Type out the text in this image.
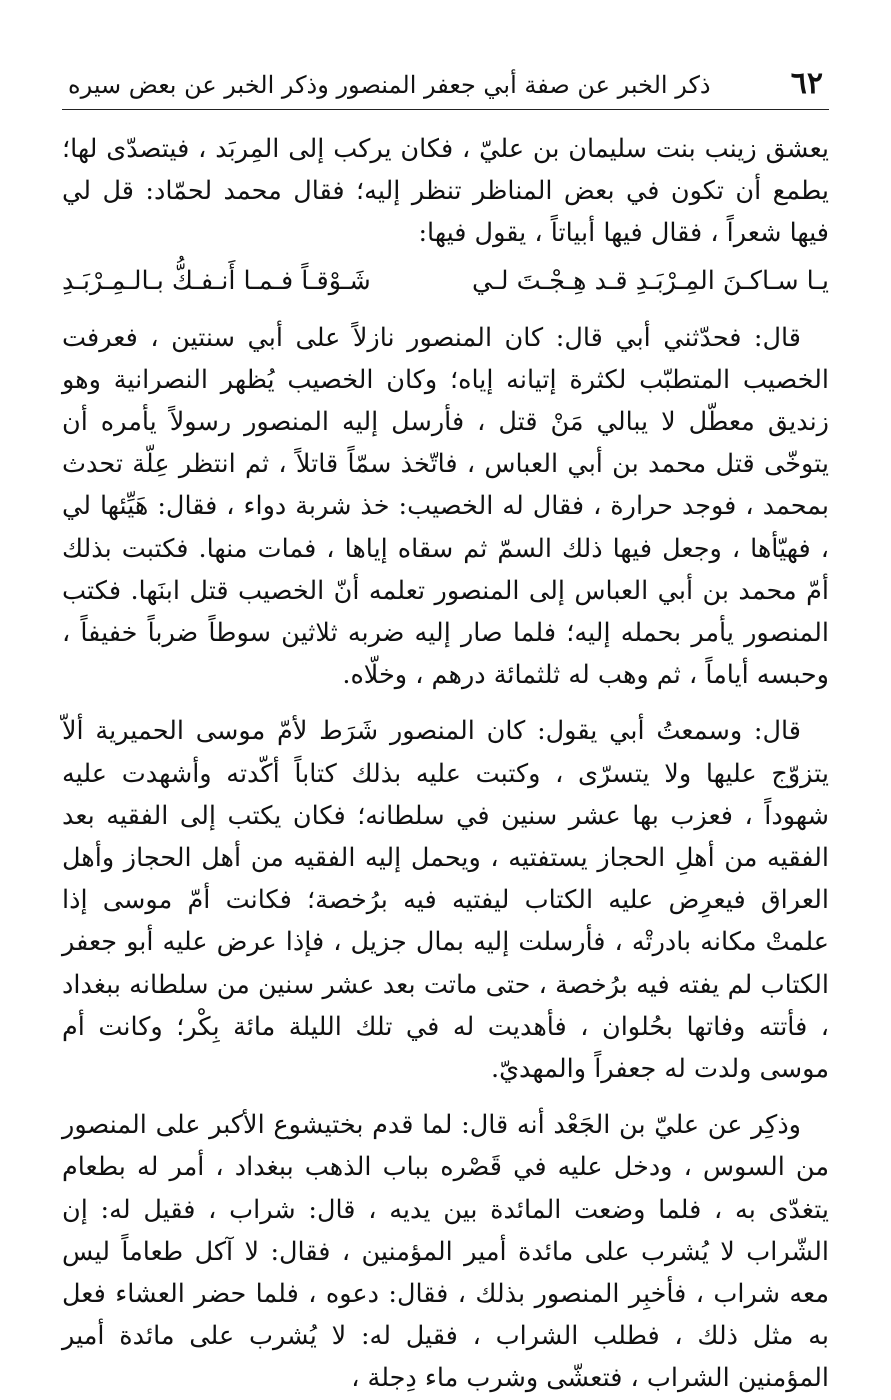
٦٢
ذكر الخبر عن صفة أبي جعفر المنصور وذكر الخبر عن بعض سيره

يعشق زينب بنت سليمان بن عليّ ، فكان يركب إلى المِربَد ، فيتصدّى لها؛ يطمع أن تكون في بعض المناظر تنظر إليه؛ فقال محمد لحمّاد: قل لي فيها شعراً ، فقال فيها أبياتاً ، يقول فيها:

يـا سـاكـنَ المِـرْبَـدِ قـد هِـجْـتَ لـي
شَـوْقـاً فـمـا أَنـفـكُّ بـالـمِـرْبَـدِ

قال: فحدّثني أبي قال: كان المنصور نازلاً على أبي سنتين ، فعرفت الخصيب المتطبّب لكثرة إتيانه إياه؛ وكان الخصيب يُظهر النصرانية وهو زنديق معطّل لا يبالي مَنْ قتل ، فأرسل إليه المنصور رسولاً يأمره أن يتوخّى قتل محمد بن أبي العباس ، فاتّخذ سمّاً قاتلاً ، ثم انتظر عِلّة تحدث بمحمد ، فوجد حرارة ، فقال له الخصيب: خذ شربة دواء ، فقال: هَيِّئها لي ، فهيّأها ، وجعل فيها ذلك السمّ ثم سقاه إياها ، فمات منها. فكتبت بذلك أمّ محمد بن أبي العباس إلى المنصور تعلمه أنّ الخصيب قتل ابنَها. فكتب المنصور يأمر بحمله إليه؛ فلما صار إليه ضربه ثلاثين سوطاً ضرباً خفيفاً ، وحبسه أياماً ، ثم وهب له ثلثمائة درهم ، وخلّاه.

قال: وسمعتُ أبي يقول: كان المنصور شَرَط لأمّ موسى الحميرية ألاّ يتزوّج عليها ولا يتسرّى ، وكتبت عليه بذلك كتاباً أكّدته وأشهدت عليه شهوداً ، فعزب بها عشر سنين في سلطانه؛ فكان يكتب إلى الفقيه بعد الفقيه من أهلِ الحجاز يستفتيه ، ويحمل إليه الفقيه من أهل الحجاز وأهل العراق فيعرِض عليه الكتاب ليفتيه فيه برُخصة؛ فكانت أمّ موسى إذا علمتْ مكانه بادرتْه ، فأرسلت إليه بمال جزيل ، فإذا عرض عليه أبو جعفر الكتاب لم يفته فيه برُخصة ، حتى ماتت بعد عشر سنين من سلطانه ببغداد ، فأتته وفاتها بحُلوان ، فأهديت له في تلك الليلة مائة بِكْر؛ وكانت أم موسى ولدت له جعفراً والمهديّ.

وذكِر عن عليّ بن الجَعْد أنه قال: لما قدم بختيشوع الأكبر على المنصور من السوس ، ودخل عليه في قَصْره بباب الذهب ببغداد ، أمر له بطعام يتغدّى به ، فلما وضعت المائدة بين يديه ، قال: شراب ، فقيل له: إن الشّراب لا يُشرب على مائدة أمير المؤمنين ، فقال: لا آكل طعاماً ليس معه شراب ، فأخبِر المنصور بذلك ، فقال: دعوه ، فلما حضر العشاء فعل به مثل ذلك ، فطلب الشراب ، فقيل له: لا يُشرب على مائدة أمير المؤمنين الشراب ، فتعشّى وشرب ماء دِجلة ،
